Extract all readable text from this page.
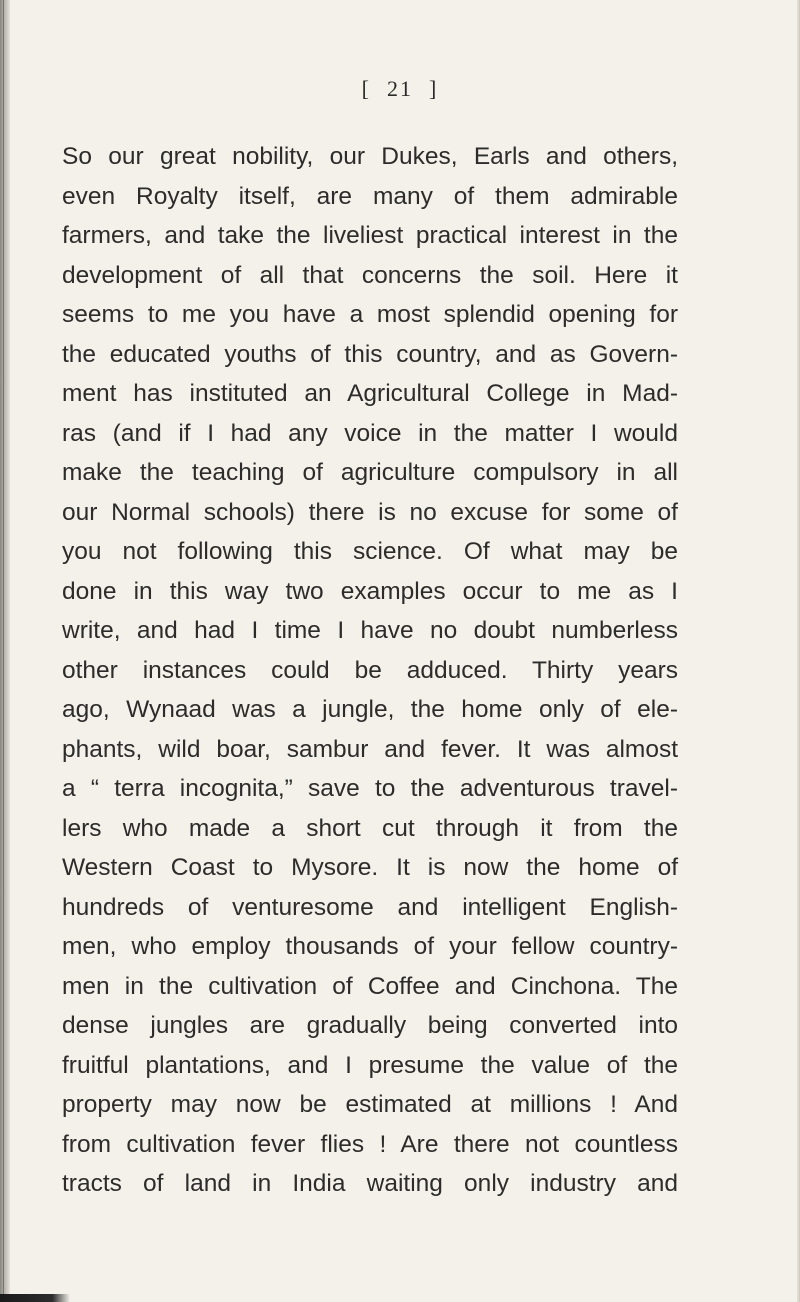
[ 21 ]
So our great nobility, our Dukes, Earls and others,
even Royalty itself, are many of them admirable
farmers, and take the liveliest practical interest in the
development of all that concerns the soil. Here it
seems to me you have a most splendid opening for
the educated youths of this country, and as Govern-
ment has instituted an Agricultural College in Mad-
ras (and if I had any voice in the matter I would
make the teaching of agriculture compulsory in all
our Normal schools) there is no excuse for some of
you not following this science. Of what may be
done in this way two examples occur to me as I
write, and had I time I have no doubt numberless
other instances could be adduced. Thirty years
ago, Wynaad was a jungle, the home only of ele-
phants, wild boar, sambur and fever. It was almost
a “ terra incognita,” save to the adventurous travel-
lers who made a short cut through it from the
Western Coast to Mysore. It is now the home of
hundreds of venturesome and intelligent English-
men, who employ thousands of your fellow country-
men in the cultivation of Coffee and Cinchona. The
dense jungles are gradually being converted into
fruitful plantations, and I presume the value of the
property may now be estimated at millions ! And
from cultivation fever flies ! Are there not countless
tracts of land in India waiting only industry and
